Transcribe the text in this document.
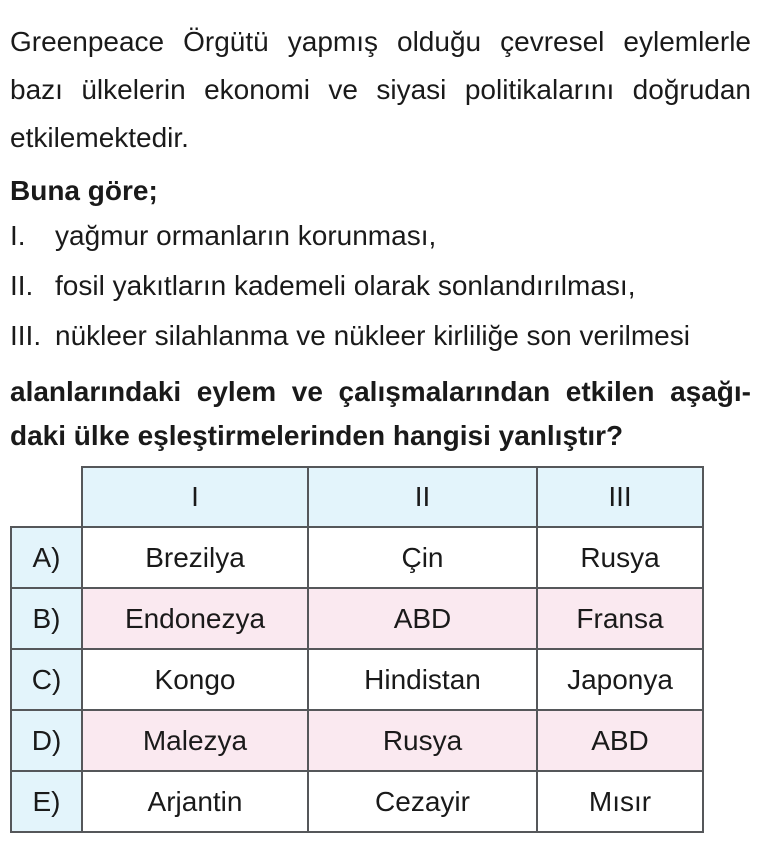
Greenpeace Örgütü yapmış olduğu çevresel eylemlerle
bazı ülkelerin ekonomi ve siyasi politikalarını doğrudan
etkilemektedir.
Buna göre;
I.	yağmur ormanların korunması,
II. fosil yakıtların kademeli olarak sonlandırılması,
III. nükleer silahlanma ve nükleer kirliliğe son verilmesi
alanlarındaki eylem ve çalışmalarından etkilen aşağı-
daki ülke eşleştirmelerinden hangisi yanlıştır?
	I	II	III
A)	Brezilya	Çin	Rusya
B)	Endonezya	ABD	Fransa
C)	Kongo	Hindistan	Japonya
D)	Malezya	Rusya	ABD
E)	Arjantin	Cezayir	Mısır
